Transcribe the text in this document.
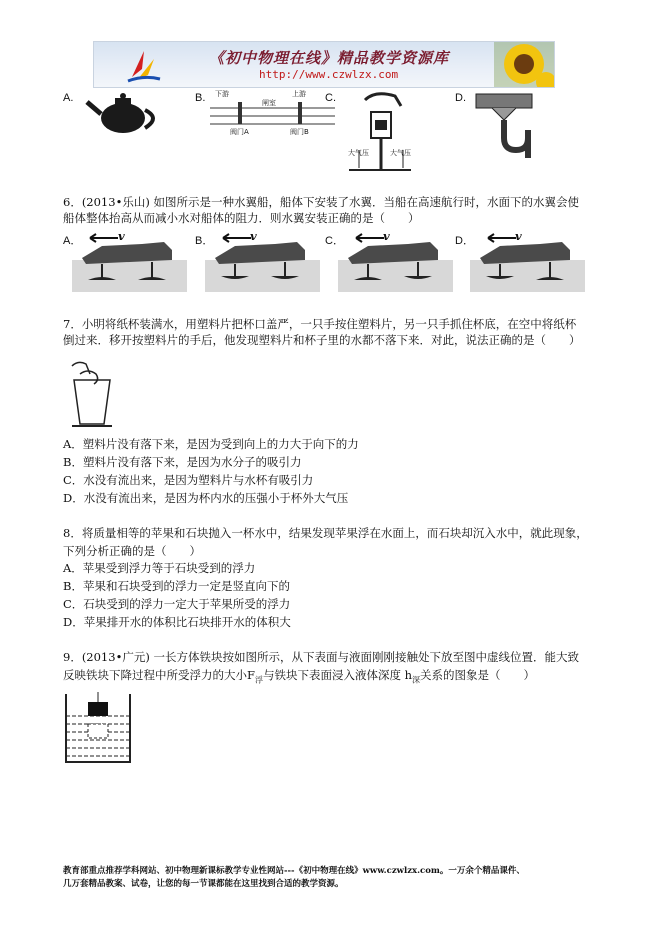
《初中物理在线》精品教学资源库
http://www.czwlzx.com
A.	B. 下游
闸室
上游
阀门A	阀门B
C.
大气压	大气压
D.
6．(2013•乐山) 如图所示是一种水翼船，船体下安装了水翼．当船在高速航行时，水面下的水翼会使
船体整体抬高从而减小水对船体的阻力．则水翼安装正确的是（　　）
A．	v	B．	v	C．	v	D．	v
7．小明将纸杯装满水，用塑料片把杯口盖严，一只手按住塑料片，另一只手抓住杯底，在空中将纸杯
倒过来．移开按塑料片的手后，他发现塑料片和杯子里的水都不落下来．对此，说法正确的是（　　）
A．塑料片没有落下来，是因为受到向上的力大于向下的力
B．塑料片没有落下来，是因为水分子的吸引力
C．水没有流出来，是因为塑料片与水杯有吸引力
D．水没有流出来，是因为杯内水的压强小于杯外大气压
8．将质量相等的苹果和石块抛入一杯水中，结果发现苹果浮在水面上，而石块却沉入水中，就此现象，
下列分析正确的是（　　）
A．苹果受到浮力等于石块受到的浮力
B．苹果和石块受到的浮力一定是竖直向下的
C．石块受到的浮力一定大于苹果所受的浮力
D．苹果排开水的体积比石块排开水的体积大
9．(2013•广元) 一长方体铁块按如图所示，从下表面与液面刚刚接触处下放至图中虚线位置．能大致
反映铁块下降过程中所受浮力的大小$F_浮$与铁块下表面浸入液体深度 $h_深$关系的图象是（　　）
教育部重点推荐学科网站、初中物理新课标教学专业性网站---《初中物理在线》www.czwlzx.com。一万余个精品课件、
几万套精品教案、试卷，让您的每一节课都能在这里找到合适的教学资源。
